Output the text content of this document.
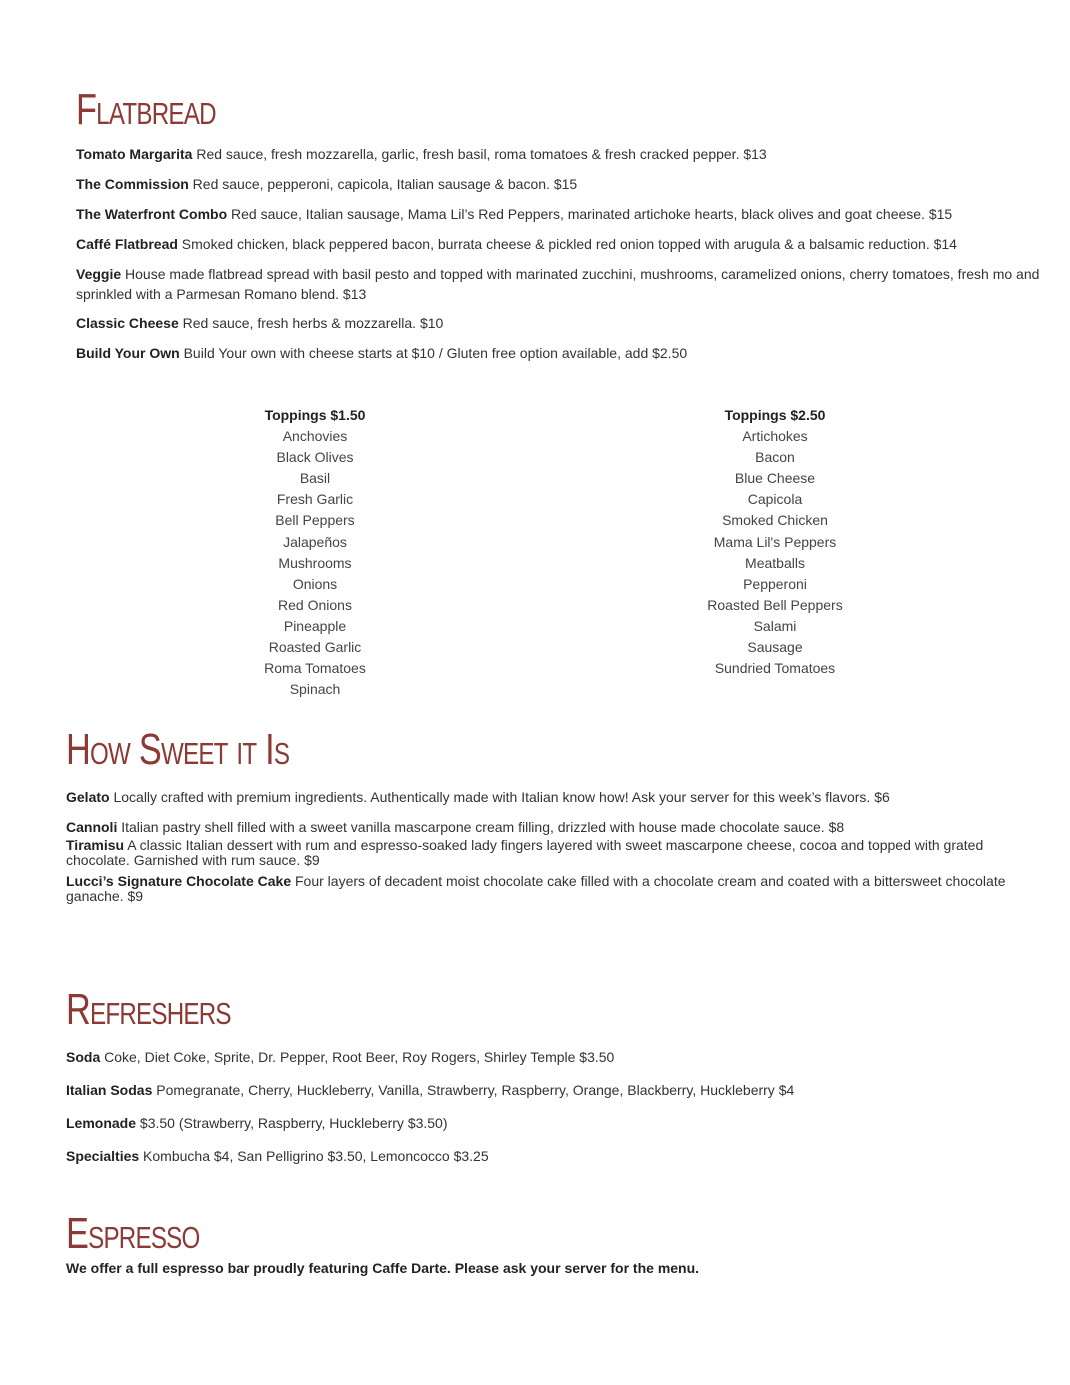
Flatbread

Tomato Margarita Red sauce, fresh mozzarella, garlic, fresh basil, roma tomatoes & fresh cracked pepper. $13

The Commission Red sauce, pepperoni, capicola, Italian sausage & bacon. $15

The Waterfront Combo Red sauce, Italian sausage, Mama Lil’s Red Peppers, marinated artichoke hearts, black olives and goat cheese. $15

Caffé Flatbread Smoked chicken, black peppered bacon, burrata cheese & pickled red onion topped with arugula & a balsamic reduction. $14

Veggie House made flatbread spread with basil pesto and topped with marinated zucchini, mushrooms, caramelized onions, cherry tomatoes, fresh mo and sprinkled with a Parmesan Romano blend. $13

Classic Cheese Red sauce, fresh herbs & mozzarella. $10

Build Your Own Build Your own with cheese starts at $10 / Gluten free option available, add $2.50

Toppings $1.50
Anchovies
Black Olives
Basil
Fresh Garlic
Bell Peppers
Jalapeños
Mushrooms
Onions
Red Onions
Pineapple
Roasted Garlic
Roma Tomatoes
Spinach
Toppings $2.50
Artichokes
Bacon
Blue Cheese
Capicola
Smoked Chicken
Mama Lil's Peppers
Meatballs
Pepperoni
Roasted Bell Peppers
Salami
Sausage
Sundried Tomatoes
How Sweet it Is

Gelato Locally crafted with premium ingredients. Authentically made with Italian know how! Ask your server for this week’s flavors. $6

Cannoli Italian pastry shell filled with a sweet vanilla mascarpone cream filling, drizzled with house made chocolate sauce. $8

Tiramisu A classic Italian dessert with rum and espresso-soaked lady fingers layered with sweet mascarpone cheese, cocoa and topped with grated chocolate. Garnished with rum sauce. $9

Lucci’s Signature Chocolate Cake Four layers of decadent moist chocolate cake filled with a chocolate cream and coated with a bittersweet chocolate ganache. $9

Refreshers

Soda Coke, Diet Coke, Sprite, Dr. Pepper, Root Beer, Roy Rogers, Shirley Temple $3.50

Italian Sodas Pomegranate, Cherry, Huckleberry, Vanilla, Strawberry, Raspberry, Orange, Blackberry, Huckleberry $4

Lemonade $3.50 (Strawberry, Raspberry, Huckleberry $3.50)

Specialties Kombucha $4, San Pelligrino $3.50, Lemoncocco $3.25

Espresso

We offer a full espresso bar proudly featuring Caffe Darte. Please ask your server for the menu.
